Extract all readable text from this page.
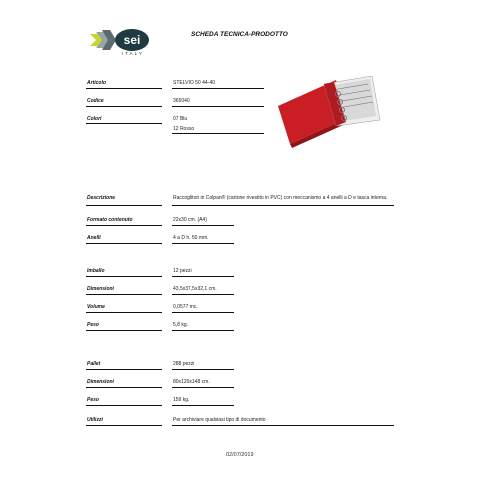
sei
ITALY
SCHEDA TECNICA-PRODOTTO
Articolo	STELVIO 50 44-40
Codice	365040
Colori	07 Blu
12 Rosso
Descrizione	Raccoglitori in Colpan® (cartone rivestito in PVC) con meccanismo a 4 anelli a D e tasca interna.
Formato contenuto	22x30 cm. (A4)
Anelli	4 a D h. 50 mm.
Imballo	12 pezzi
Dimensioni	43,5x37,5x32,1 cm.
Volume	0,0577 mc.
Peso	5,8 kg.
Pallet	288 pezzi
Dimensioni	80x120x148 cm.
Peso	159 kg.
Utilizzi	Per archiviare qualsiasi tipo di documento
02/07/2019
